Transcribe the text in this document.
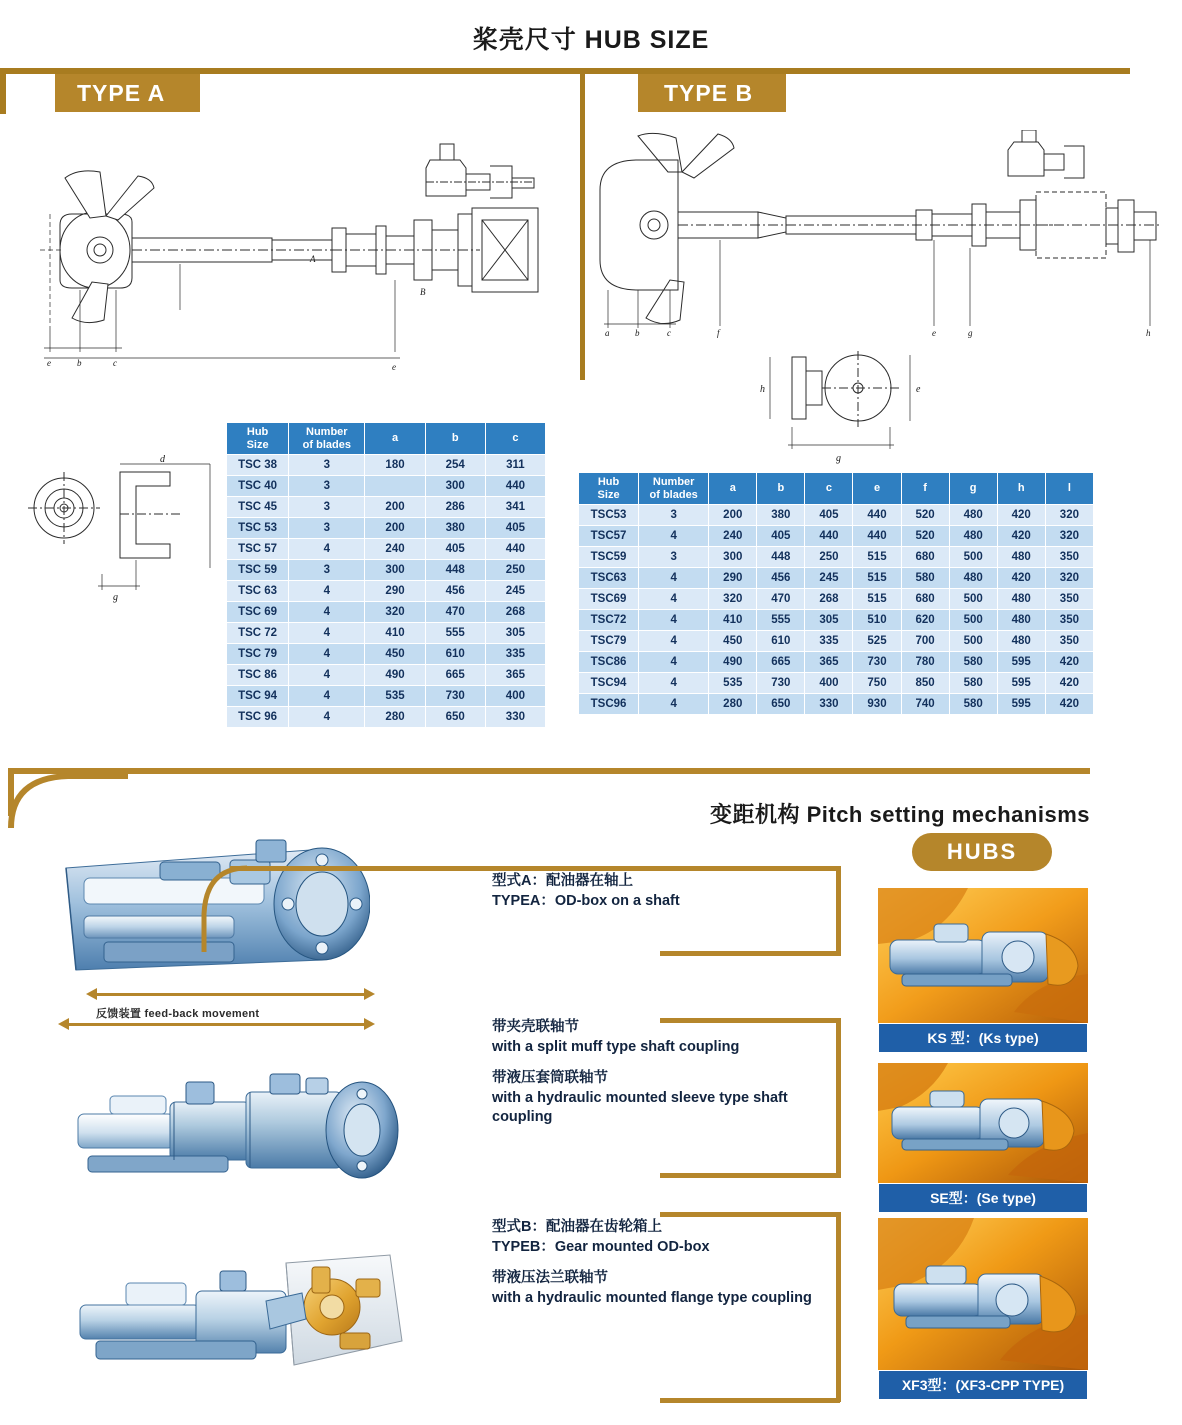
桨壳尺寸 HUB SIZE
TYPE A	TYPE B
e	b	c	e
A
B
a	b	c	f	e	g	h
h	e
g
d
g
Hub
Size

Number
of blades

a	b	c

TSC 38	3	180	254	311
TSC 40	3		300	440
TSC 45	3	200	286	341
TSC 53	3	200	380	405
TSC 57	4	240	405	440
TSC 59	3	300	448	250
TSC 63	4	290	456	245
TSC 69	4	320	470	268
TSC 72	4	410	555	305
TSC 79	4	450	610	335
TSC 86	4	490	665	365
TSC 94	4	535	730	400
TSC 96	4	280	650	330
Hub
Size

Number
of blades

a	b	c	e	f	g	h	l

TSC53	3	200	380	405	440	520	480	420	320
TSC57	4	240	405	440	440	520	480	420	320
TSC59	3	300	448	250	515	680	500	480	350
TSC63	4	290	456	245	515	580	480	420	320
TSC69	4	320	470	268	515	680	500	480	350
TSC72	4	410	555	305	510	620	500	480	350
TSC79	4	450	610	335	525	700	500	480	350
TSC86	4	490	665	365	730	780	580	595	420
TSC94	4	535	730	400	750	850	580	595	420
TSC96	4	280	650	330	930	740	580	595	420
变距机构 Pitch setting mechanisms
HUBS
反馈装置 feed-back movement
型式A：配油器在轴上
TYPEA：OD-box on a shaft
带夹壳联轴节
with a split muff type shaft coupling
带液压套筒联轴节
with a hydraulic mounted sleeve type shaft coupling
型式B：配油器在齿轮箱上
TYPEB：Gear mounted OD-box
带液压法兰联轴节
with a hydraulic mounted flange type coupling
KS 型：(Ks type)
SE型：(Se type)
XF3型：(XF3-CPP TYPE)
